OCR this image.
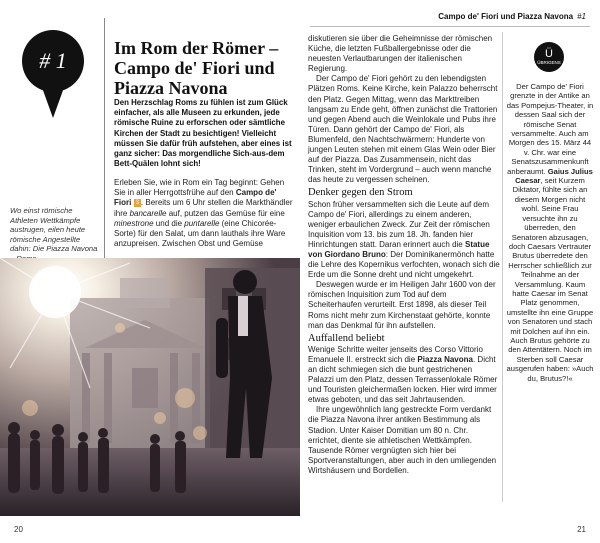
# 1
Wo einst römische Athleten Wettkämpfe austrugen, eilen heute römische Angestellte dahin: Die Piazza Navona
Im Rom der Römer –
Campo de' Fiori und Piazza Navona

Den Herzschlag Roms zu fühlen ist zum Glück einfacher, als alle Museen zu erkunden, jede römische Ruine zu erforschen oder sämtliche Kirchen der Stadt zu besichtigen! Vielleicht müssen Sie dafür früh aufstehen, aber eines ist ganz sicher: Das morgendliche Sich-aus-dem Bett-Quälen lohnt sich!

Erleben Sie, wie in Rom ein Tag beginnt: Gehen Sie in aller Herrgottsfrühe auf den Campo de' Fiori 3 . Bereits um 6 Uhr stellen die Markthändler ihre bancarelle auf, putzen das Gemüse für eine minestrone und die puntarelle (eine Chicorée-Sorte) für den Salat, um dann lauthals ihre Ware anzupreisen. Zwischen Obst und Gemüse

20
Campo de' Fiori und Piazza Navona #1

diskutieren sie über die Geheimnisse der römischen Küche, die letzten Fußballergebnisse oder die neuesten Verlautbarungen der italienischen Regierung.

Der Campo de' Fiori gehört zu den lebendigsten Plätzen Roms. Keine Kirche, kein Palazzo beherrscht den Platz. Gegen Mittag, wenn das Markttreiben langsam zu Ende geht, öffnen zunächst die Trattorien und gegen Abend auch die Weinlokale und Pubs ihre Türen. Dann gehört der Campo de' Fiori, als Blumenfeld, den Nachtschwärmern: Hunderte von jungen Leuten stehen mit einem Glas Wein oder Bier auf der Piazza. Das Zusammensein, nicht das Trinken, steht im Vordergrund – auch wenn manche das heute zu vergessen scheinen.

Denker gegen den Strom

Schon früher versammelten sich die Leute auf dem Campo de' Fiori, allerdings zu einem anderen, weniger erbaulichen Zweck. Zur Zeit der römischen Inquisition vom 13. bis zum 18. Jh. fanden hier Hinrichtungen statt. Daran erinnert auch die Statue von Giordano Bruno: Der Dominikanermönch hatte die Lehre des Kopernikus verfochten, wonach sich die Erde um die Sonne dreht und nicht umgekehrt.

Deswegen wurde er im Heiligen Jahr 1600 von der römischen Inquisition zum Tod auf dem Scheiterhaufen verurteilt. Erst 1898, als dieser Teil Roms nicht mehr zum Kirchenstaat gehörte, konnte man das Denkmal für ihn aufstellen.

Auffallend beliebt

Wenige Schritte weiter jenseits des Corso Vittorio Emanuele II. erstreckt sich die Piazza Navona. Dicht an dicht schmiegen sich die bunt gestrichenen Palazzi um den Platz, dessen Terrassenlokale Römer und Touristen gleichermaßen locken. Hier wird immer etwas geboten, und das seit Jahrtausenden.

Ihre ungewöhnlich lang gestreckte Form verdankt die Piazza Navona ihrer antiken Bestimmung als Stadion. Unter Kaiser Domitian um 80 n. Chr. errichtet, diente sie athletischen Wettkämpfen. Tausende Römer vergnügten sich hier bei Sportveranstaltungen, aber auch in den umliegenden Wirtshäusern und Bordellen.

Ü
ÜBRIGENS

Der Campo de' Fiori grenzte in der Antike an das Pompejus-Theater, in dessen Saal sich der römische Senat versammelte. Auch am Morgen des 15. März 44 v. Chr. war eine Senatszusammenkunft anberaumt. Gaius Julius Caesar, seit Kurzem Diktator, fühlte sich an diesem Morgen nicht wohl. Seine Frau versuchte ihn zu überreden, den Senatoren abzusagen, doch Caesars Vertrauter Brutus überredete den Herrscher schließlich zur Teilnahme an der Versammlung. Kaum hatte Caesar im Senat Platz genommen, umstellte ihn eine Gruppe von Senatoren und stach mit Dolchen auf ihn ein. Auch Brutus gehörte zu den Attentätern. Noch im Sterben soll Caesar ausgerufen haben: »Auch du, Brutus?!«

21
